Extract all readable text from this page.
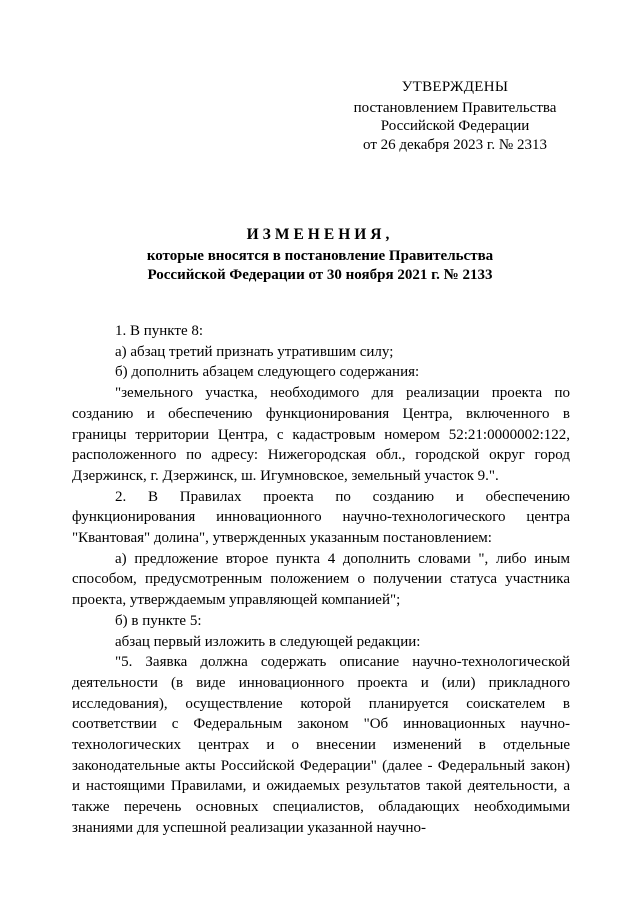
УТВЕРЖДЕНЫ
постановлением Правительства
Российской Федерации
от 26 декабря 2023 г. № 2313
ИЗМЕНЕНИЯ,
которые вносятся в постановление Правительства
Российской Федерации от 30 ноября 2021 г. № 2133

1. В пункте 8:

а) абзац третий признать утратившим силу;

б) дополнить абзацем следующего содержания:

"земельного участка, необходимого для реализации проекта по созданию и обеспечению функционирования Центра, включенного в границы территории Центра, с кадастровым номером 52:21:0000002:122, расположенного по адресу: Нижегородская обл., городской округ город Дзержинск, г. Дзержинск, ш. Игумновское, земельный участок 9.".

2. В Правилах проекта по созданию и обеспечению функционирования инновационного научно-технологического центра "Квантовая" долина", утвержденных указанным постановлением:

а) предложение второе пункта 4 дополнить словами ", либо иным способом, предусмотренным положением о получении статуса участника проекта, утверждаемым управляющей компанией";

б) в пункте 5:

абзац первый изложить в следующей редакции:

"5. Заявка должна содержать описание научно-технологической деятельности (в виде инновационного проекта и (или) прикладного исследования), осуществление которой планируется соискателем в соответствии с Федеральным законом "Об инновационных научно-технологических центрах и о внесении изменений в отдельные законодательные акты Российской Федерации" (далее - Федеральный закон) и настоящими Правилами, и ожидаемых результатов такой деятельности, а также перечень основных специалистов, обладающих необходимыми знаниями для успешной реализации указанной научно-
